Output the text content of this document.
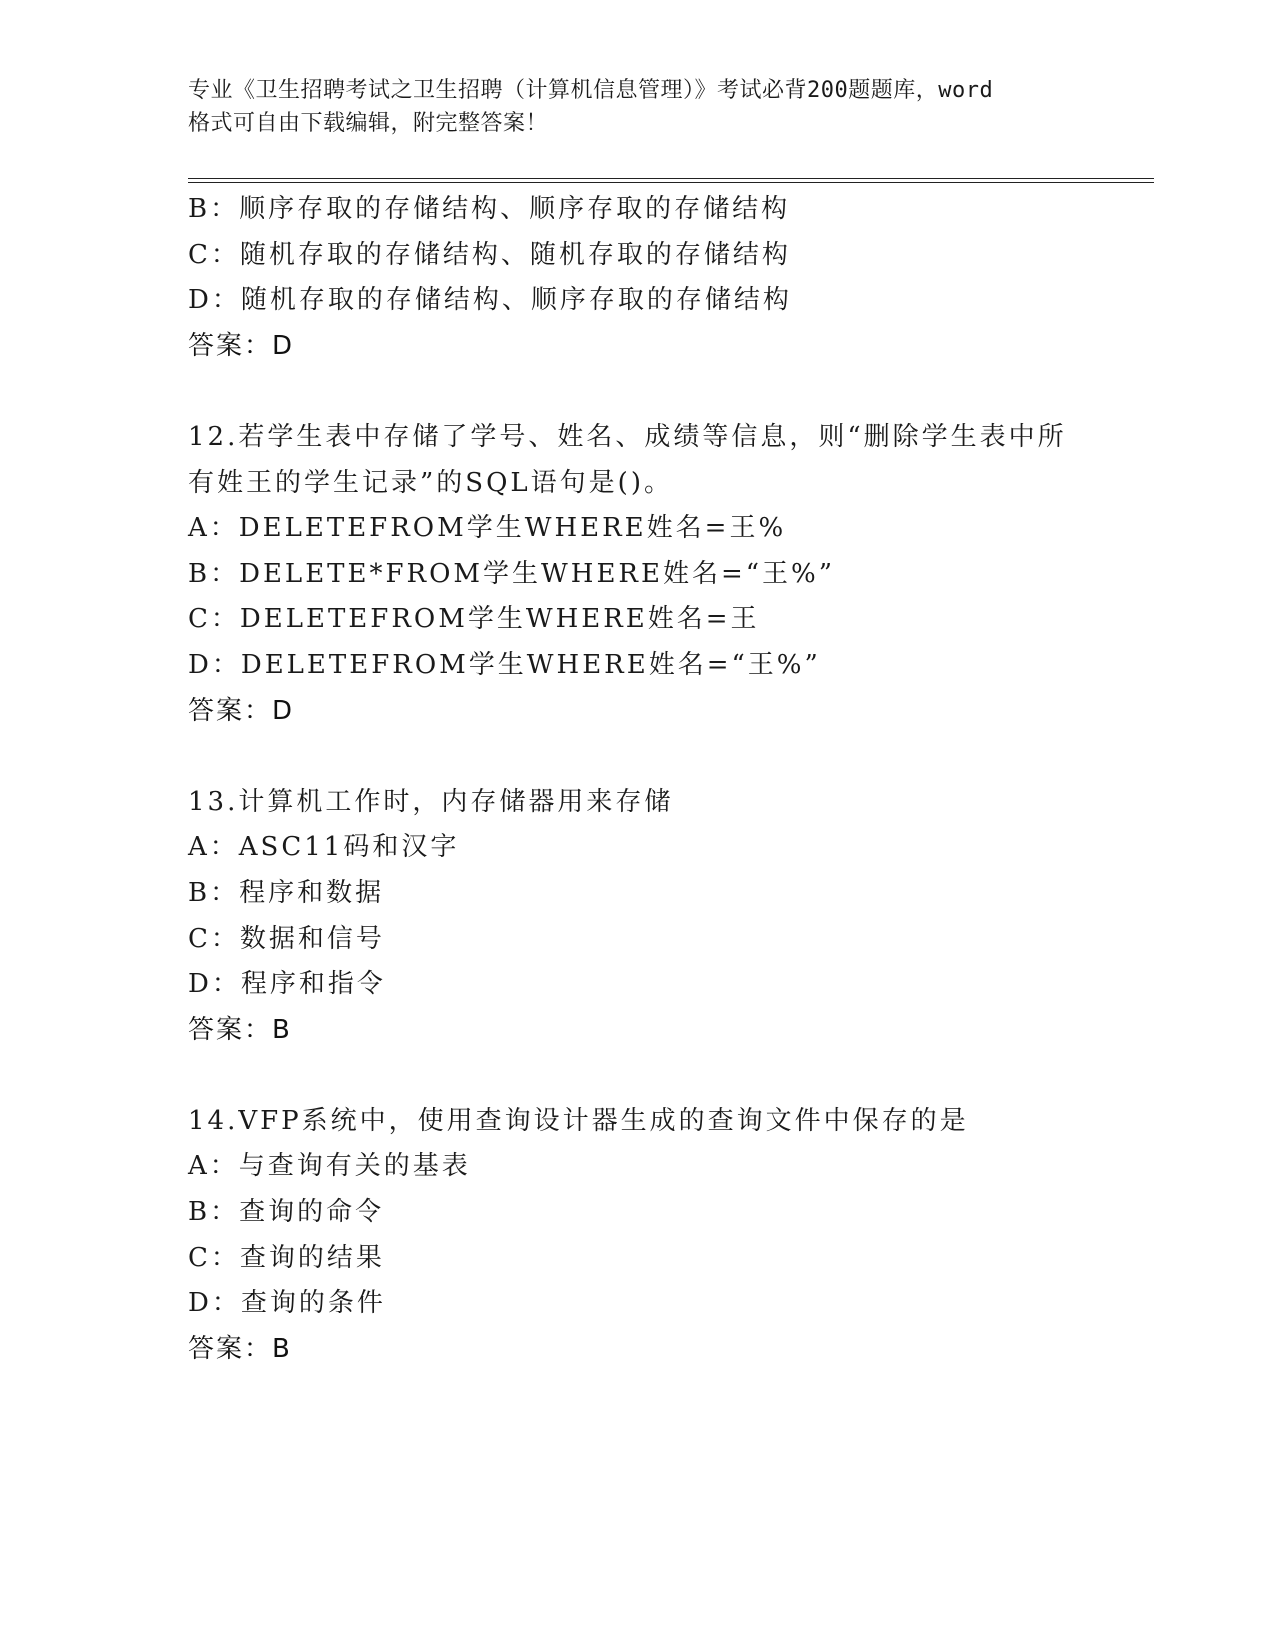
专业《卫生招聘考试之卫生招聘（计算机信息管理）》考试必背200题题库，word
格式可自由下载编辑，附完整答案！
B：顺序存取的存储结构、顺序存取的存储结构
C：随机存取的存储结构、随机存取的存储结构
D：随机存取的存储结构、顺序存取的存储结构
答案：D
12.若学生表中存储了学号、姓名、成绩等信息，则“删除学生表中所
有姓王的学生记录”的SQL语句是()。
A：DELETEFROM学生WHERE姓名=王%
B：DELETE*FROM学生WHERE姓名=“王%”
C：DELETEFROM学生WHERE姓名=王
D：DELETEFROM学生WHERE姓名=“王%”
答案：D
13.计算机工作时，内存储器用来存储
A：ASC11码和汉字
B：程序和数据
C：数据和信号
D：程序和指令
答案：B
14.VFP系统中，使用查询设计器生成的查询文件中保存的是
A：与查询有关的基表
B：查询的命令
C：查询的结果
D：查询的条件
答案：B
